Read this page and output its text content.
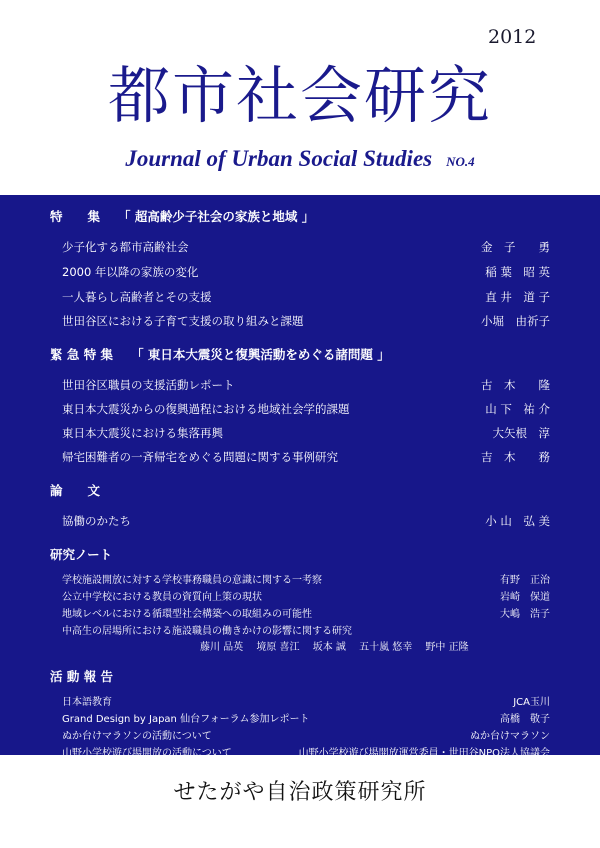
2012
都市社会研究
Journal of Urban Social Studies NO.4
特　　集 「 超高齢少子社会の家族と地域 」
少子化する都市高齢社会	金　子　　勇
2000 年以降の家族の変化	稲 葉　昭 英
一人暮らし高齢者とその支援	直 井　道 子
世田谷区における子育て支援の取り組みと課題	小堀　由祈子
緊 急 特 集 「 東日本大震災と復興活動をめぐる諸問題 」
世田谷区職員の支援活動レポート	古　木　　隆
東日本大震災からの復興過程における地域社会学的課題	山 下　祐 介
東日本大震災における集落再興	大矢根　淳
帰宅困難者の一斉帰宅をめぐる問題に関する事例研究	吉　木　　務
論　　文
協働のかたち	小 山　弘 美
研究ノート
学校施設開放に対する学校事務職員の意識に関する一考察	有野　正治
公立中学校における教員の資質向上策の現状	岩崎　保道
地域レベルにおける循環型社会構築への取組みの可能性	大嶋　浩子
中高生の居場所における施設職員の働きかけの影響に関する研究
藤川 品英　 境原 喜江　 坂本 誠　 五十嵐 悠幸　 野中 正隆
活 動 報 告
日本語教育	JCA玉川
Grand Design by Japan 仙台フォーラム参加レポート	高橋　敬子
ぬか台けマラソンの活動について	ぬか台けマラソン
山野小学校遊び場開放の活動について	山野小学校遊び場開放運営委員・世田谷NPO法人協議会
せたがや自治政策研究所
